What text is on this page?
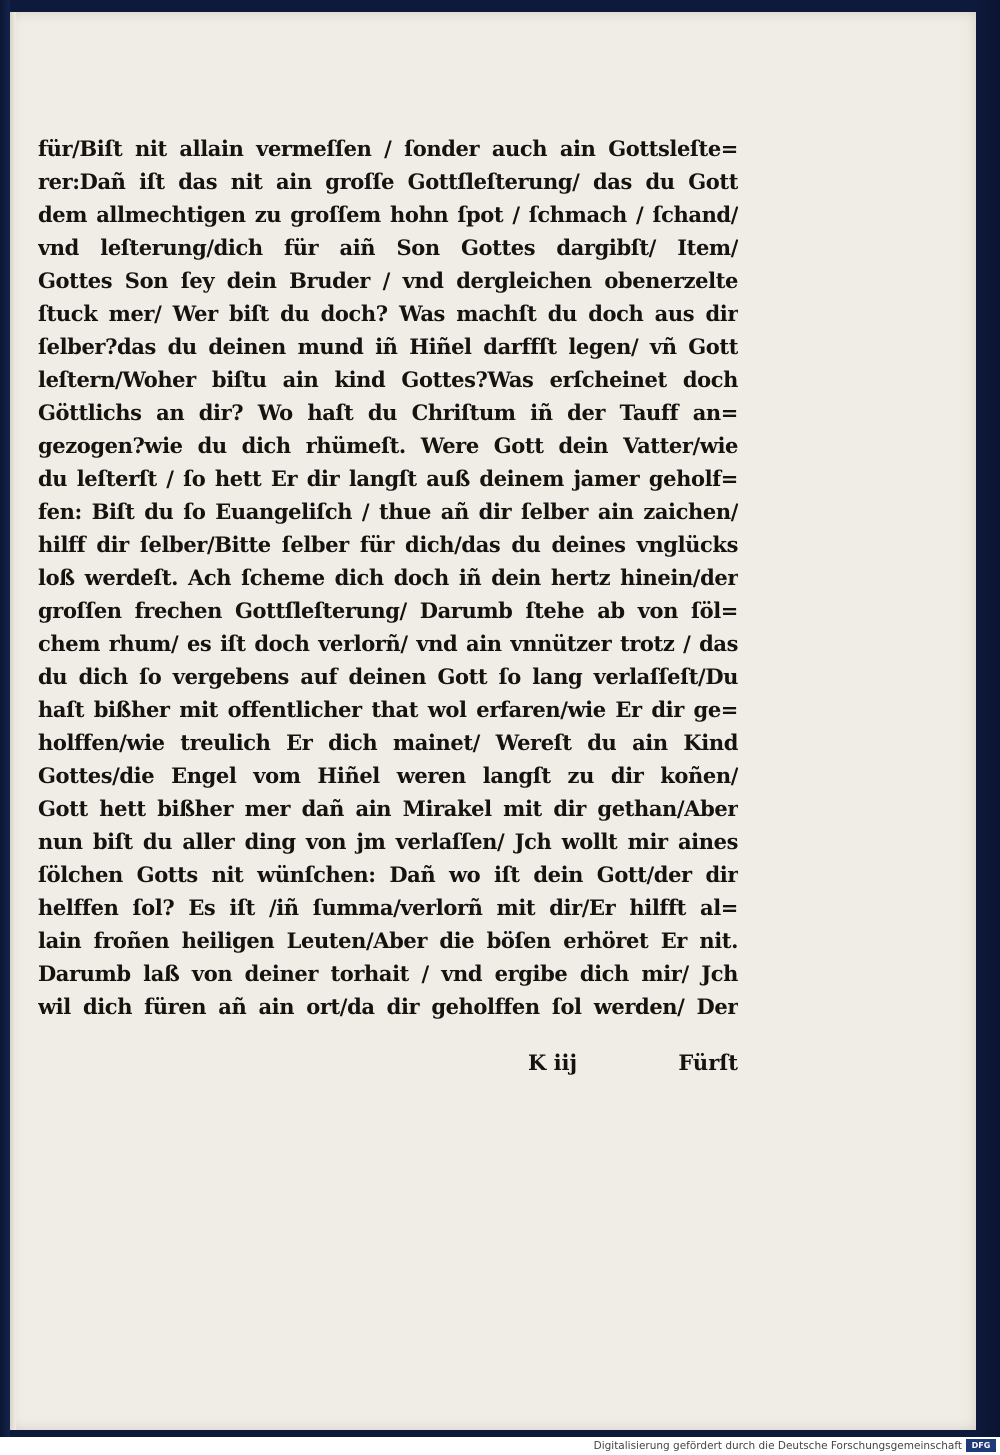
für/Biſt nit allain vermeſſen / ſonder auch ain Gottsleſte=
rer:Dañ iſt das nit ain groſſe Gottſleſterung/ das du Gott
dem allmechtigen zu groſſem hohn ſpot / ſchmach / ſchand/
vnd leſterung/dich für aiñ Son Gottes dargibſt/ Item/
Gottes Son ſey dein Bruder / vnd dergleichen obenerzelte
ſtuck mer/ Wer biſt du doch? Was machſt du doch aus dir
ſelber?das du deinen mund iñ Hiñel darffſt legen/ vñ Gott
leſtern/Woher biſtu ain kind Gottes?Was erſcheinet doch
Göttlichs an dir? Wo haſt du Chriſtum iñ der Tauff an=
gezogen?wie du dich rhümeſt. Were Gott dein Vatter/wie
du leſterſt / ſo hett Er dir langſt auß deinem jamer geholf=
fen: Biſt du ſo Euangeliſch / thue añ dir ſelber ain zaichen/
hilff dir ſelber/Bitte ſelber für dich/das du deines vnglücks
loß werdeſt. Ach ſcheme dich doch iñ dein hertz hinein/der
groſſen frechen Gottſleſterung/ Darumb ſtehe ab von ſöl=
chem rhum/ es iſt doch verlorñ/ vnd ain vnnützer trotz / das
du dich ſo vergebens auf deinen Gott ſo lang verlaſſeſt/Du
haſt bißher mit offentlicher that wol erfaren/wie Er dir ge=
holffen/wie treulich Er dich mainet/ Wereſt du ain Kind
Gottes/die Engel vom Hiñel weren langſt zu dir koñen/
Gott hett bißher mer dañ ain Mirakel mit dir gethan/Aber
nun biſt du aller ding von jm verlaſſen/ Jch wollt mir aines
ſölchen Gotts nit wünſchen: Dañ wo iſt dein Gott/der dir
helffen ſol? Es iſt /iñ ſumma/verlorñ mit dir/Er hilfft al=
lain froñen heiligen Leuten/Aber die böſen erhöret Er nit.
Darumb laß von deiner torhait / vnd ergibe dich mir/ Jch
wil dich füren añ ain ort/da dir geholffen ſol werden/ Der
K iij	Fürſt
Digitalisierung gefördert durch die Deutsche Forschungsgemeinschaft	DFG
